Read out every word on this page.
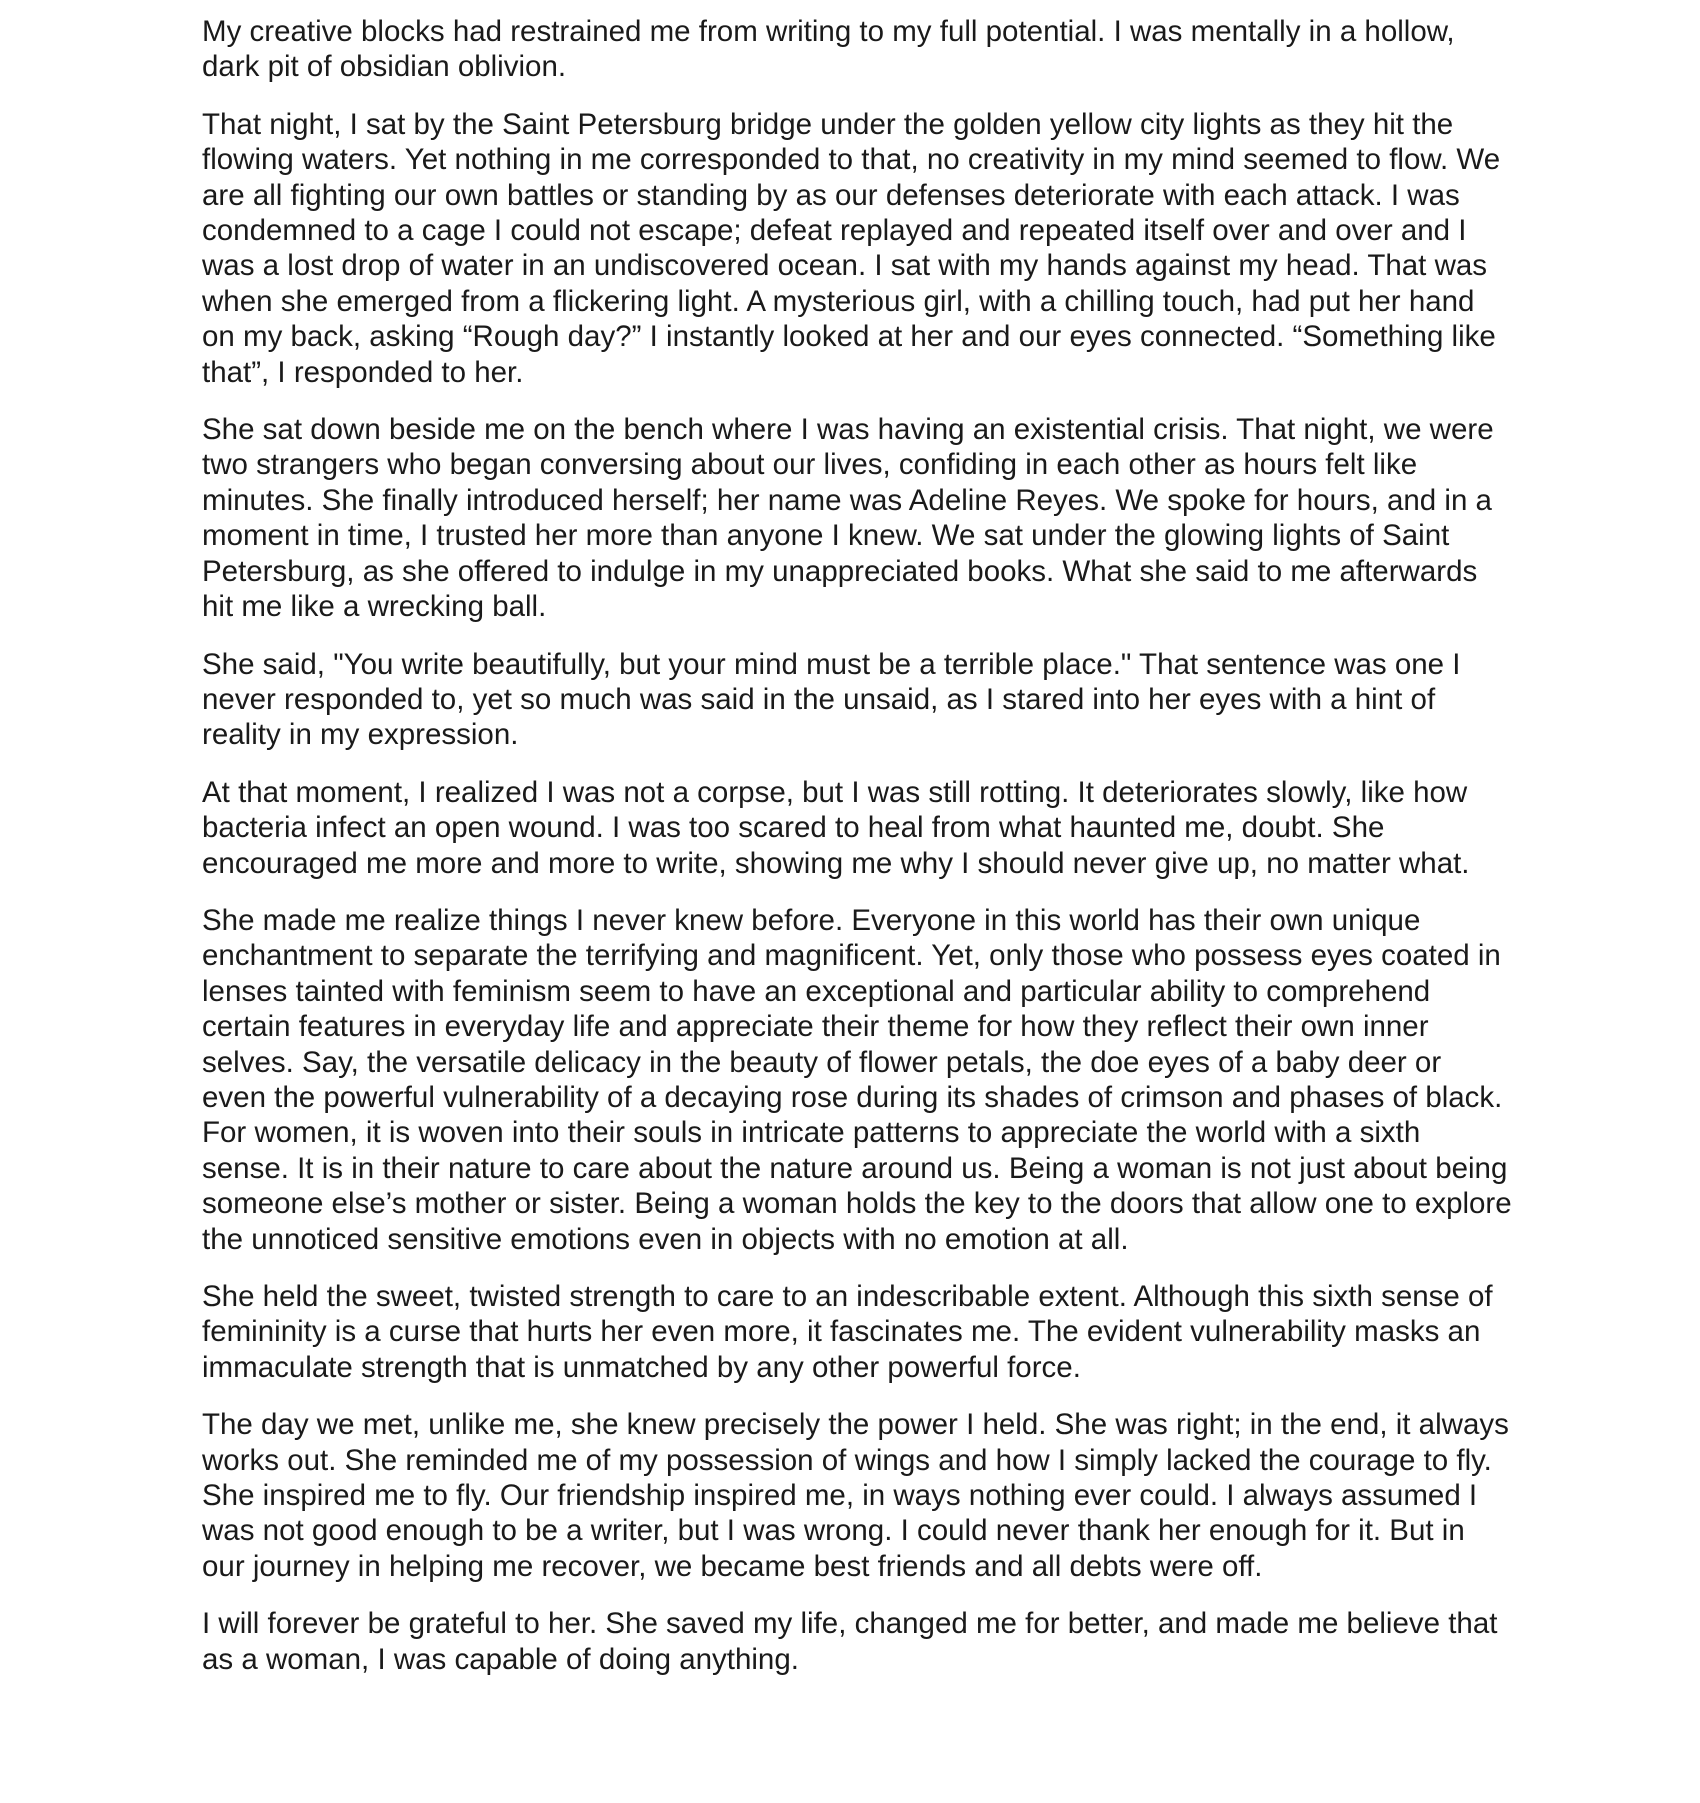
My creative blocks had restrained me from writing to my full potential. I was mentally in a hollow, dark pit of obsidian oblivion.

That night, I sat by the Saint Petersburg bridge under the golden yellow city lights as they hit the flowing waters. Yet nothing in me corresponded to that, no creativity in my mind seemed to flow. We are all fighting our own battles or standing by as our defenses deteriorate with each attack. I was condemned to a cage I could not escape; defeat replayed and repeated itself over and over and I was a lost drop of water in an undiscovered ocean. I sat with my hands against my head. That was when she emerged from a flickering light. A mysterious girl, with a chilling touch, had put her hand on my back, asking “Rough day?” I instantly looked at her and our eyes connected. “Something like that”, I responded to her.

She sat down beside me on the bench where I was having an existential crisis. That night, we were two strangers who began conversing about our lives, confiding in each other as hours felt like minutes. She finally introduced herself; her name was Adeline Reyes. We spoke for hours, and in a moment in time, I trusted her more than anyone I knew. We sat under the glowing lights of Saint Petersburg, as she offered to indulge in my unappreciated books. What she said to me afterwards hit me like a wrecking ball.

She said, "You write beautifully, but your mind must be a terrible place." That sentence was one I never responded to, yet so much was said in the unsaid, as I stared into her eyes with a hint of reality in my expression.

At that moment, I realized I was not a corpse, but I was still rotting. It deteriorates slowly, like how bacteria infect an open wound. I was too scared to heal from what haunted me, doubt. She encouraged me more and more to write, showing me why I should never give up, no matter what.

She made me realize things I never knew before. Everyone in this world has their own unique enchantment to separate the terrifying and magnificent. Yet, only those who possess eyes coated in lenses tainted with feminism seem to have an exceptional and particular ability to comprehend certain features in everyday life and appreciate their theme for how they reflect their own inner selves. Say, the versatile delicacy in the beauty of flower petals, the doe eyes of a baby deer or even the powerful vulnerability of a decaying rose during its shades of crimson and phases of black. For women, it is woven into their souls in intricate patterns to appreciate the world with a sixth sense. It is in their nature to care about the nature around us. Being a woman is not just about being someone else’s mother or sister. Being a woman holds the key to the doors that allow one to explore the unnoticed sensitive emotions even in objects with no emotion at all.

She held the sweet, twisted strength to care to an indescribable extent. Although this sixth sense of femininity is a curse that hurts her even more, it fascinates me. The evident vulnerability masks an immaculate strength that is unmatched by any other powerful force.

The day we met, unlike me, she knew precisely the power I held. She was right; in the end, it always works out. She reminded me of my possession of wings and how I simply lacked the courage to fly. She inspired me to fly. Our friendship inspired me, in ways nothing ever could. I always assumed I was not good enough to be a writer, but I was wrong. I could never thank her enough for it. But in our journey in helping me recover, we became best friends and all debts were off.

I will forever be grateful to her. She saved my life, changed me for better, and made me believe that as a woman, I was capable of doing anything.
